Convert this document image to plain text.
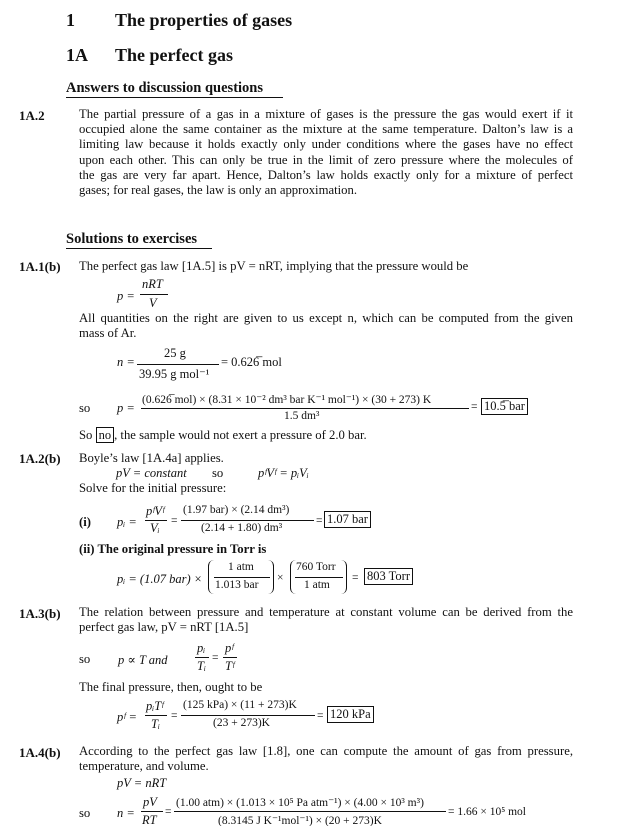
1 The properties of gases
1A The perfect gas
Answers to discussion questions
1A.2	The partial pressure of a gas in a mixture of gases is the pressure the gas would exert if it
occupied alone the same container as the mixture at the same temperature. Dalton’s law is a
limiting law because it holds exactly only under conditions where the gases have no effect
upon each other. This can only be true in the limit of zero pressure where the molecules of
the gas are very far apart. Hence, Dalton’s law holds exactly only for a mixture of perfect
gases; for real gases, the law is only an approximation.
Solutions to exercises
1A.1(b) The perfect gas law [1A.5] is pV = nRT, implying that the pressure would be
p =
nRT
V
All quantities on the right are given to us except n, which can be computed from the given
mass of Ar.
n =
25 g
39.95 g mol⁻¹
= 0.626̅ mol
so p =
(0.626̅ mol) × (8.31 × 10⁻² dm³ bar K⁻¹ mol⁻¹) × (30 + 273) K
1.5 dm³
= 10.5̅ bar
So no , the sample would not exert a pressure of 2.0 bar.
1A.2(b) Boyle’s law [1A.4a] applies.
pV = constant so	pᶠVᶠ = pᵢVᵢ
Solve for the initial pressure:
(i) pᵢ =
pᶠVᶠ
Vᵢ =
(1.97 bar) × (2.14 dm³)
(2.14 + 1.80) dm³
= 1.07 bar
(ii) The original pressure in Torr is
pᵢ = (1.07 bar) ×
1 atm
1.013 bar
×
760 Torr
1 atm
= 803 Torr
1A.3(b) The relation between pressure and temperature at constant volume can be derived from the
perfect gas law, pV = nRT [1A.5]
so p ∝ T and
pᵢ
Tᵢ
=
pᶠ
Tᶠ
The final pressure, then, ought to be
pᶠ =
pᵢTᶠ
Tᵢ
=
(125 kPa) × (11 + 273)K
(23 + 273)K
= 120 kPa
1A.4(b) According to the perfect gas law [1.8], one can compute the amount of gas from pressure,
temperature, and volume.
pV = nRT
so n =
pV
RT
=
(1.00 atm) × (1.013 × 10⁵ Pa atm⁻¹) × (4.00 × 10³ m³)
(8.3145 J K⁻¹mol⁻¹) × (20 + 273)K
= 1.66 × 10⁵ mol
